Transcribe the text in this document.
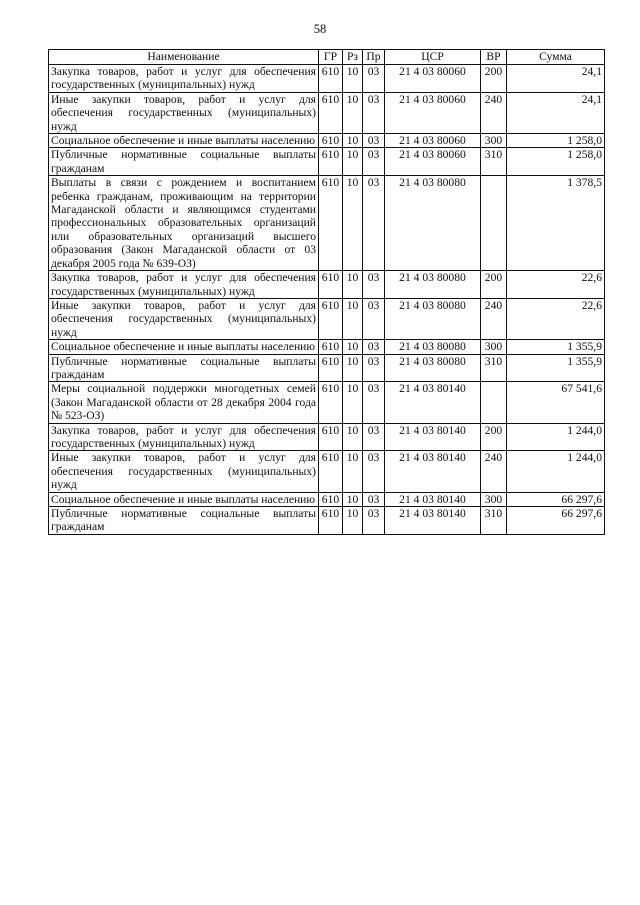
58
Наименование	ГР	Рз	Пр	ЦСР	ВР	Сумма
Закупка товаров, работ и услуг для обеспечения государственных (муниципальных) нужд	610	10	03	21 4 03 80060	200	24,1
Иные закупки товаров, работ и услуг для обеспечения государственных (муниципальных) нужд	610	10	03	21 4 03 80060	240	24,1
Социальное обеспечение и иные выплаты населению	610	10	03	21 4 03 80060	300	1 258,0
Публичные нормативные социальные выплаты гражданам	610	10	03	21 4 03 80060	310	1 258,0
Выплаты в связи с рождением и воспитанием ребенка гражданам, проживающим на территории Магаданской области и являющимся студентами профессиональных образовательных организаций или образовательных организаций высшего образования (Закон Магаданской области от 03 декабря 2005 года № 639-ОЗ)	610	10	03	21 4 03 80080		1 378,5
Закупка товаров, работ и услуг для обеспечения государственных (муниципальных) нужд	610	10	03	21 4 03 80080	200	22,6
Иные закупки товаров, работ и услуг для обеспечения государственных (муниципальных) нужд	610	10	03	21 4 03 80080	240	22,6
Социальное обеспечение и иные выплаты населению	610	10	03	21 4 03 80080	300	1 355,9
Публичные нормативные социальные выплаты гражданам	610	10	03	21 4 03 80080	310	1 355,9
Меры социальной поддержки многодетных семей (Закон Магаданской области от 28 декабря 2004 года № 523-ОЗ)	610	10	03	21 4 03 80140		67 541,6
Закупка товаров, работ и услуг для обеспечения государственных (муниципальных) нужд	610	10	03	21 4 03 80140	200	1 244,0
Иные закупки товаров, работ и услуг для обеспечения государственных (муниципальных) нужд	610	10	03	21 4 03 80140	240	1 244,0
Социальное обеспечение и иные выплаты населению	610	10	03	21 4 03 80140	300	66 297,6
Публичные нормативные социальные выплаты гражданам	610	10	03	21 4 03 80140	310	66 297,6
